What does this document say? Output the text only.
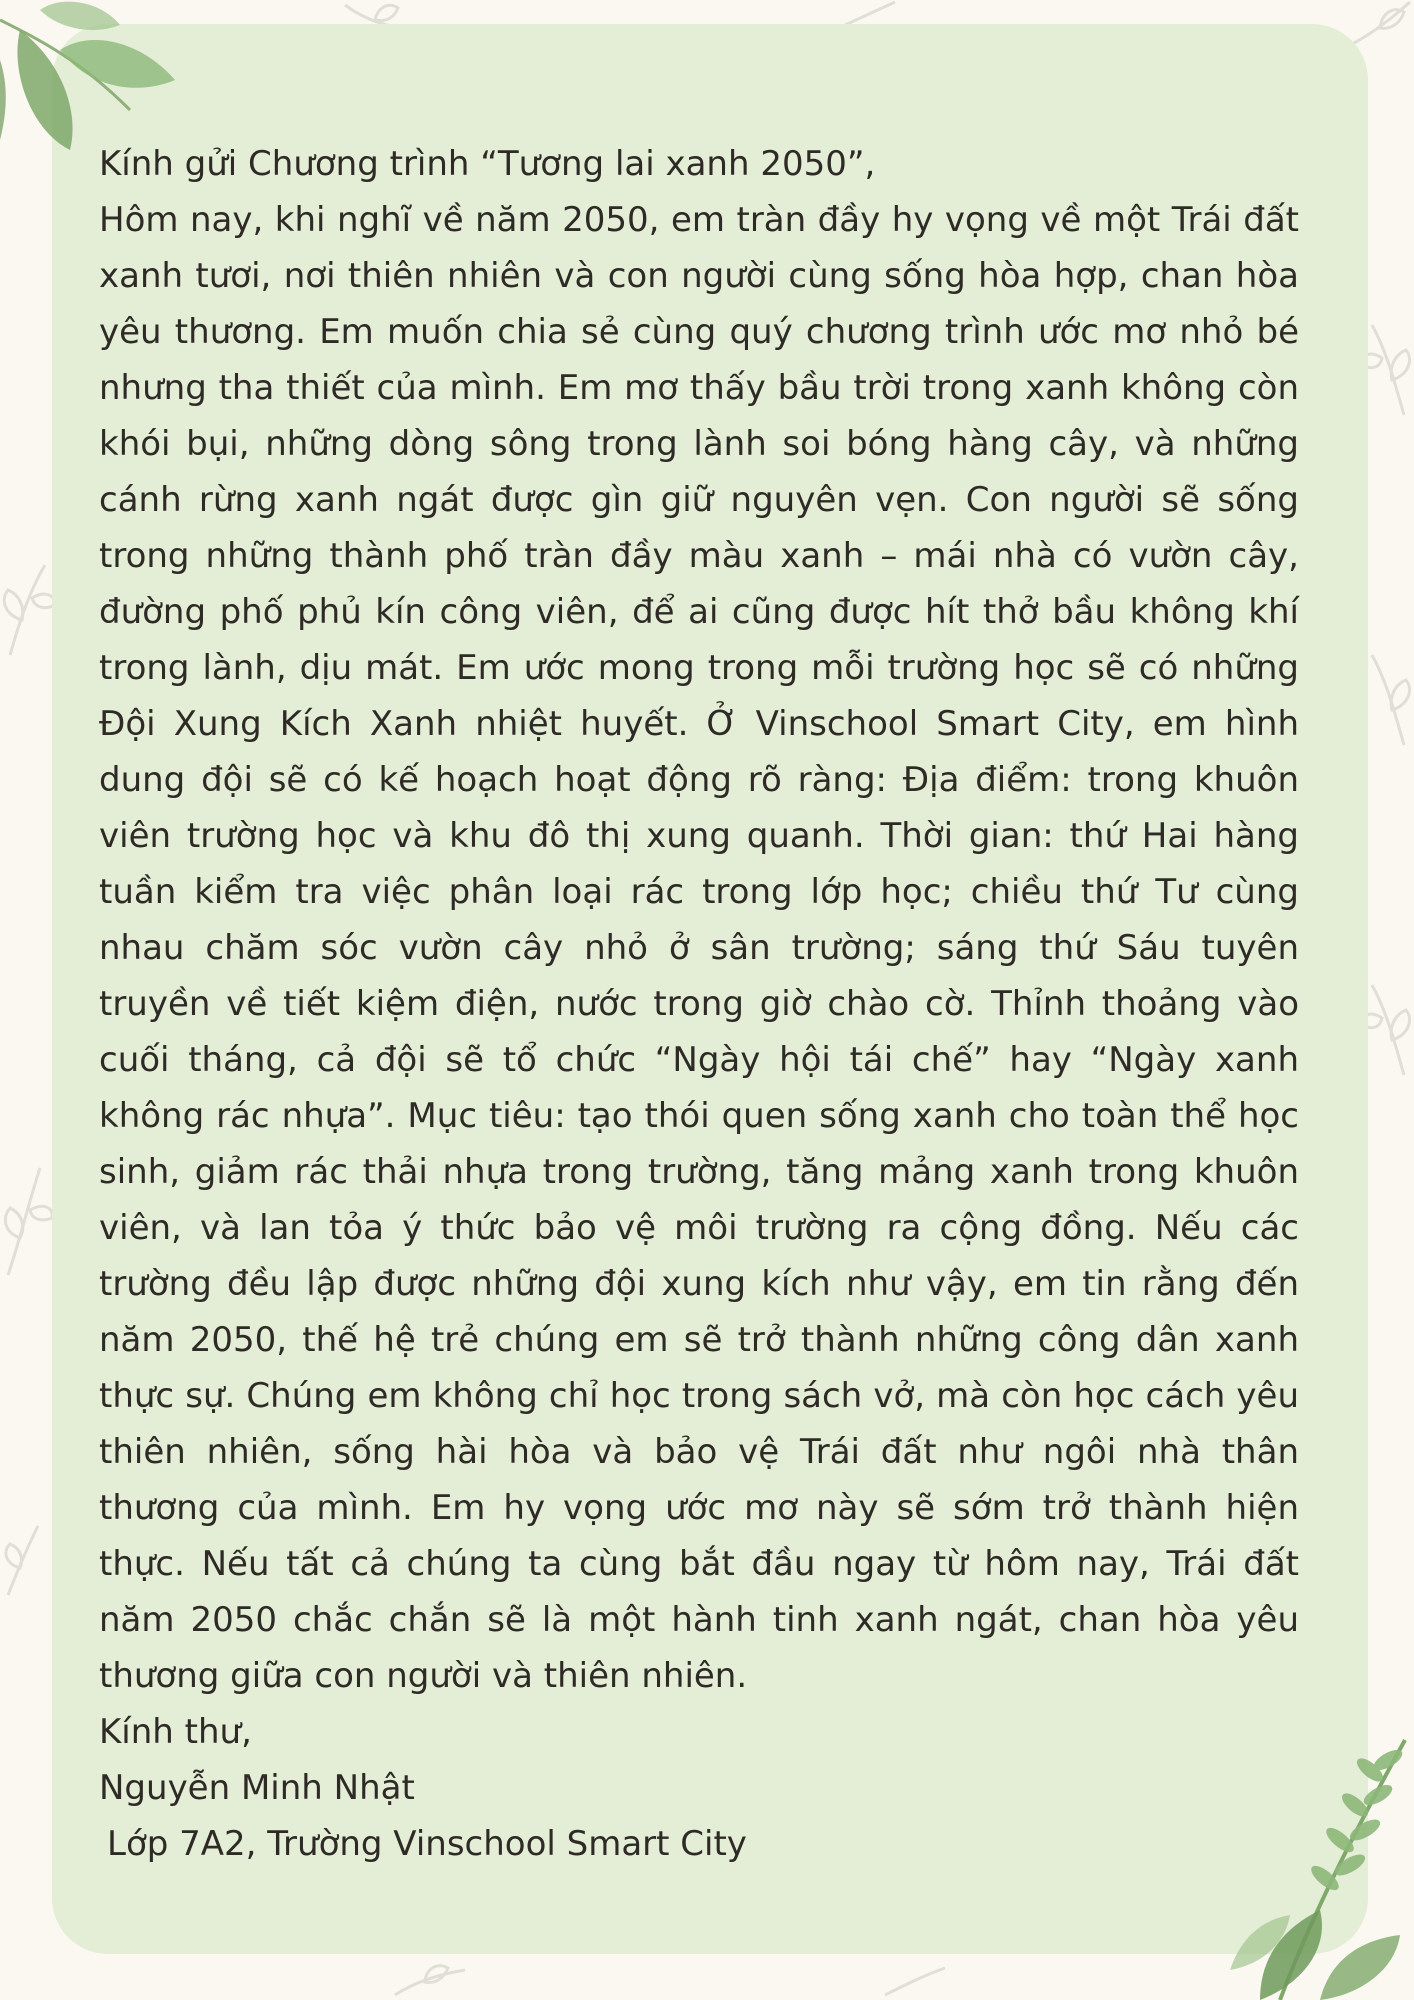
Kính gửi Chương trình “Tương lai xanh 2050”,

Hôm nay, khi nghĩ về năm 2050, em tràn đầy hy vọng về một Trái đất xanh tươi, nơi thiên nhiên và con người cùng sống hòa hợp, chan hòa yêu thương. Em muốn chia sẻ cùng quý chương trình ước mơ nhỏ bé nhưng tha thiết của mình. Em mơ thấy bầu trời trong xanh không còn khói bụi, những dòng sông trong lành soi bóng hàng cây, và những cánh rừng xanh ngát được gìn giữ nguyên vẹn. Con người sẽ sống trong những thành phố tràn đầy màu xanh – mái nhà có vườn cây, đường phố phủ kín công viên, để ai cũng được hít thở bầu không khí trong lành, dịu mát. Em ước mong trong mỗi trường học sẽ có những Đội Xung Kích Xanh nhiệt huyết. Ở Vinschool Smart City, em hình dung đội sẽ có kế hoạch hoạt động rõ ràng: Địa điểm: trong khuôn viên trường học và khu đô thị xung quanh. Thời gian: thứ Hai hàng tuần kiểm tra việc phân loại rác trong lớp học; chiều thứ Tư cùng nhau chăm sóc vườn cây nhỏ ở sân trường; sáng thứ Sáu tuyên truyền về tiết kiệm điện, nước trong giờ chào cờ. Thỉnh thoảng vào cuối tháng, cả đội sẽ tổ chức “Ngày hội tái chế” hay “Ngày xanh không rác nhựa”. Mục tiêu: tạo thói quen sống xanh cho toàn thể học sinh, giảm rác thải nhựa trong trường, tăng mảng xanh trong khuôn viên, và lan tỏa ý thức bảo vệ môi trường ra cộng đồng. Nếu các trường đều lập được những đội xung kích như vậy, em tin rằng đến năm 2050, thế hệ trẻ chúng em sẽ trở thành những công dân xanh thực sự. Chúng em không chỉ học trong sách vở, mà còn học cách yêu thiên nhiên, sống hài hòa và bảo vệ Trái đất như ngôi nhà thân thương của mình. Em hy vọng ước mơ này sẽ sớm trở thành hiện thực. Nếu tất cả chúng ta cùng bắt đầu ngay từ hôm nay, Trái đất năm 2050 chắc chắn sẽ là một hành tinh xanh ngát, chan hòa yêu thương giữa con người và thiên nhiên.

Kính thư,

Nguyễn Minh Nhật

Lớp 7A2, Trường Vinschool Smart City
